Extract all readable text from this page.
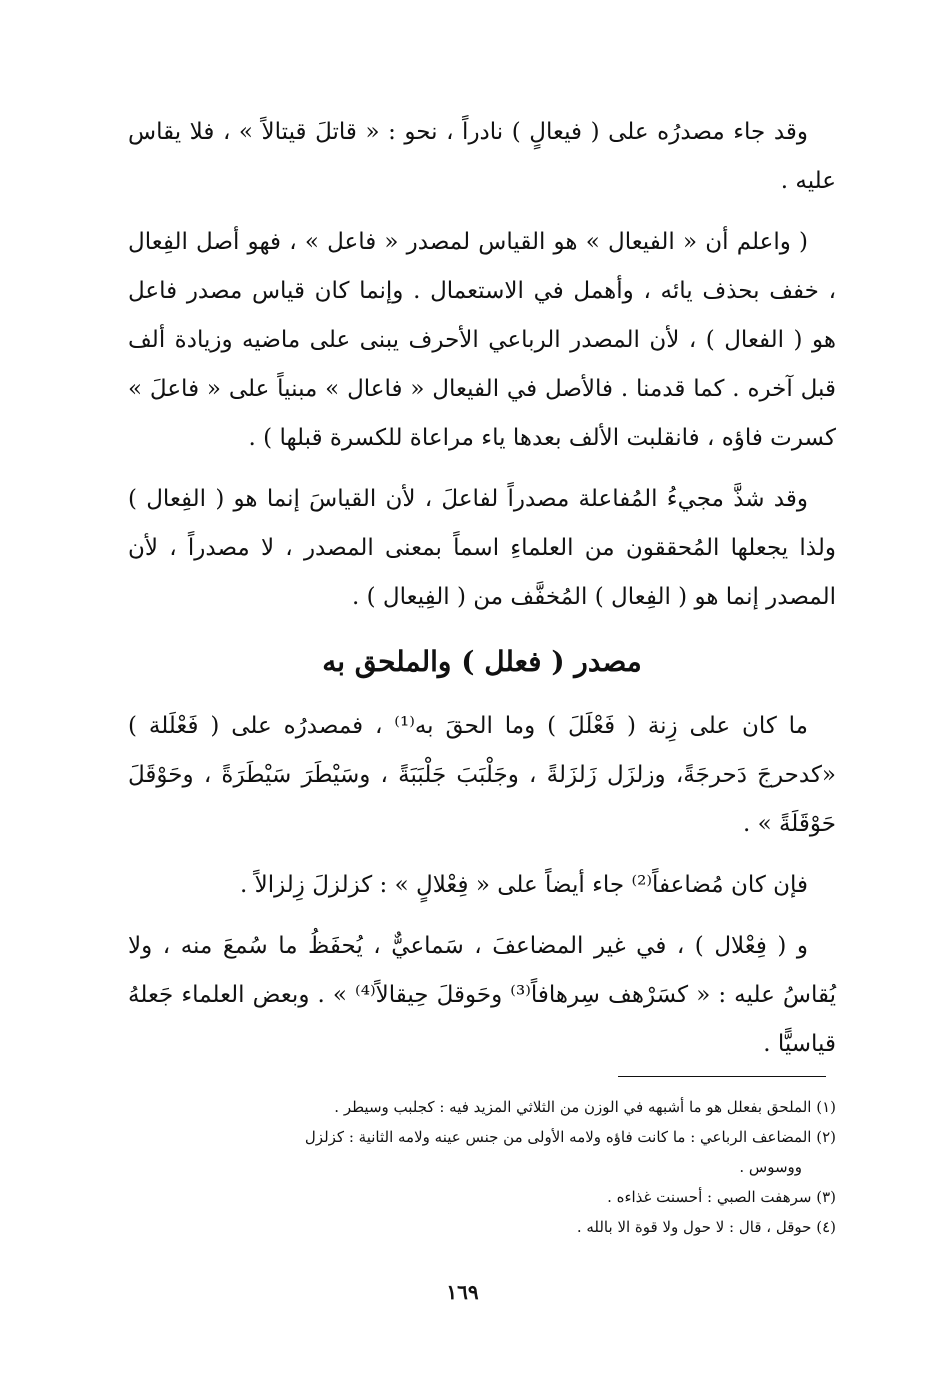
وقد جاء مصدرُه على ( فيعالٍ ) نادراً ، نحو : « قاتلَ قيتالاً » ، فلا يقاس عليه .

( واعلم أن « الفيعال » هو القياس لمصدر « فاعل » ، فهو أصل الفِعال ، خفف بحذف يائه ، وأهمل في الاستعمال . وإنما كان قياس مصدر فاعل هو ( الفعال ) ، لأن المصدر الرباعي الأحرف يبنى على ماضيه وزيادة ألف قبل آخره . كما قدمنا . فالأصل في الفيعال « فاعال » مبنياً على « فاعلَ » كسرت فاؤه ، فانقلبت الألف بعدها ياء مراعاة للكسرة قبلها ) .

وقد شذَّ مجيءُ المُفاعلة مصدراً لفاعلَ ، لأن القياسَ إنما هو ( الفِعال ) ولذا يجعلها المُحققون من العلماءِ اسماً بمعنى المصدر ، لا مصدراً ، لأن المصدر إنما هو ( الفِعال ) المُخفَّف من ( الفِيعال ) .

مصدر ( فعلل ) والملحق به

ما كان على زِنة ( فَعْلَلَ ) وما الحقَ به⁽¹⁾ ، فمصدرُه على ( فَعْلَلة ) «كدحرجَ دَحرجَةً، وزلزَل زَلزَلةً ، وجَلْبَبَ جَلْبَبَةً ، وسَيْطَرَ سَيْطَرَةً ، وحَوْقَلَ حَوْقَلَةً » .

فإن كان مُضاعفاً⁽²⁾ جاء أيضاً على « فِعْلالٍ » : كزلزلَ زِلزالاً .

و ( فِعْلال ) ، في غير المضاعفَ ، سَماعيٌّ ، يُحفَظُ ما سُمعَ منه ، ولا يُقاسُ عليه : « كسَرْهف سِرهافاً⁽³⁾ وحَوقلَ حِيقالاً⁽⁴⁾ » . وبعض العلماء جَعلهُ قياسيًّا .

(١) الملحق بفعلل هو ما أشبهه في الوزن من الثلاثي المزيد فيه : كجلبب وسيطر .

(٢) المضاعف الرباعي : ما كانت فاؤه ولامه الأولى من جنس عينه ولامه الثانية : كزلزل

ووسوس .

(٣) سرهفت الصبي : أحسنت غذاءه .

(٤) حوقل ، قال : لا حول ولا قوة الا بالله .

١٦٩
